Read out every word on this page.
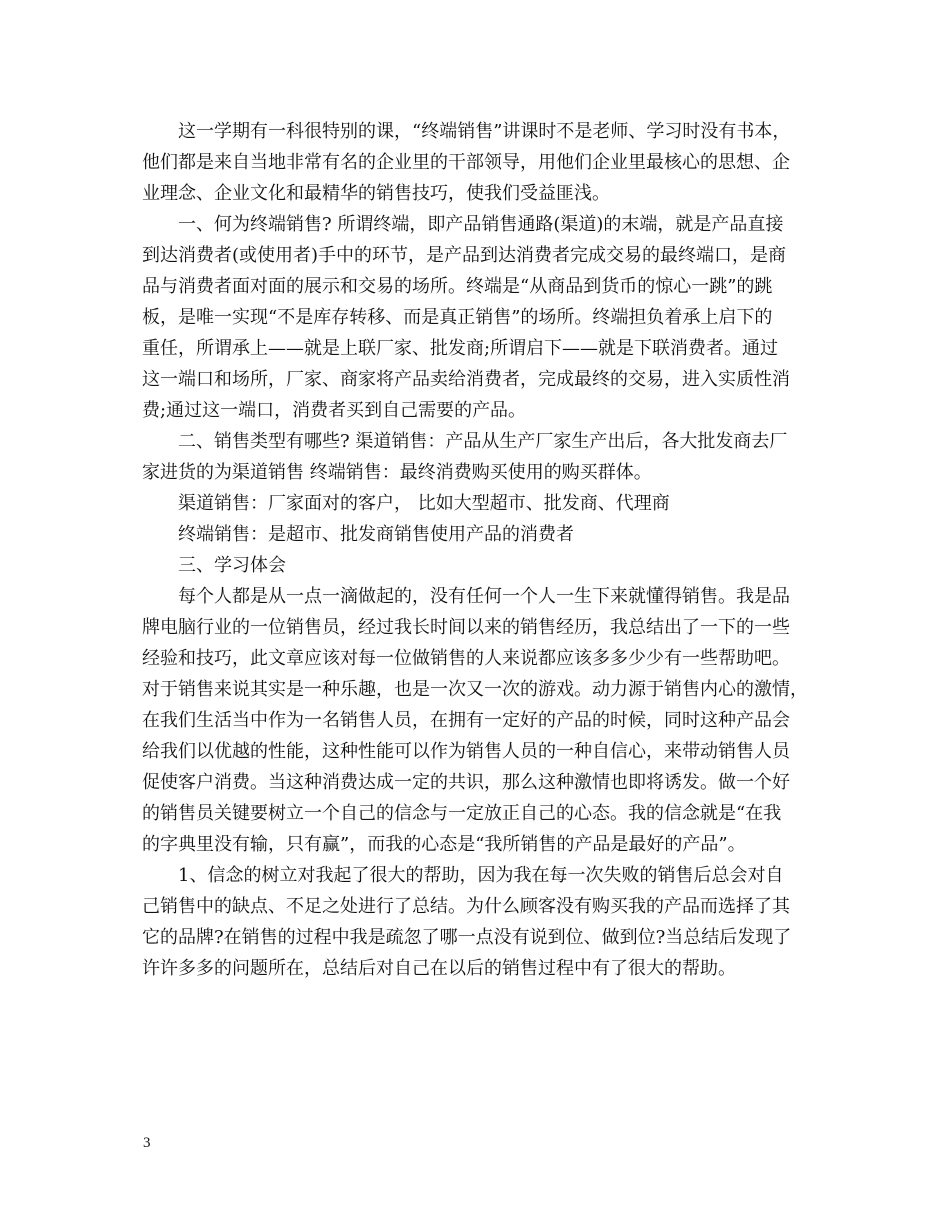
这一学期有一科很特别的课，“终端销售”讲课时不是老师、学习时没有书本，
他们都是来自当地非常有名的企业里的干部领导，用他们企业里最核心的思想、企
业理念、企业文化和最精华的销售技巧，使我们受益匪浅。
一、何为终端销售? 所谓终端，即产品销售通路(渠道)的末端，就是产品直接
到达消费者(或使用者)手中的环节，是产品到达消费者完成交易的最终端口，是商
品与消费者面对面的展示和交易的场所。终端是“从商品到货币的惊心一跳”的跳
板，是唯一实现“不是库存转移、而是真正销售”的场所。终端担负着承上启下的
重任，所谓承上——就是上联厂家、批发商;所谓启下——就是下联消费者。通过
这一端口和场所，厂家、商家将产品卖给消费者，完成最终的交易，进入实质性消
费;通过这一端口，消费者买到自己需要的产品。
二、销售类型有哪些? 渠道销售：产品从生产厂家生产出后，各大批发商去厂
家进货的为渠道销售 终端销售：最终消费购买使用的购买群体。
渠道销售：厂家面对的客户， 比如大型超市、批发商、代理商
终端销售：是超市、批发商销售使用产品的消费者
三、学习体会
每个人都是从一点一滴做起的，没有任何一个人一生下来就懂得销售。我是品
牌电脑行业的一位销售员，经过我长时间以来的销售经历，我总结出了一下的一些
经验和技巧，此文章应该对每一位做销售的人来说都应该多多少少有一些帮助吧。
对于销售来说其实是一种乐趣，也是一次又一次的游戏。动力源于销售内心的激情，
在我们生活当中作为一名销售人员，在拥有一定好的产品的时候，同时这种产品会
给我们以优越的性能，这种性能可以作为销售人员的一种自信心，来带动销售人员
促使客户消费。当这种消费达成一定的共识，那么这种激情也即将诱发。做一个好
的销售员关键要树立一个自己的信念与一定放正自己的心态。我的信念就是“在我
的字典里没有输，只有赢”，而我的心态是“我所销售的产品是最好的产品”。
1、信念的树立对我起了很大的帮助，因为我在每一次失败的销售后总会对自
己销售中的缺点、不足之处进行了总结。为什么顾客没有购买我的产品而选择了其
它的品牌?在销售的过程中我是疏忽了哪一点没有说到位、做到位?当总结后发现了
许许多多的问题所在，总结后对自己在以后的销售过程中有了很大的帮助。
3
